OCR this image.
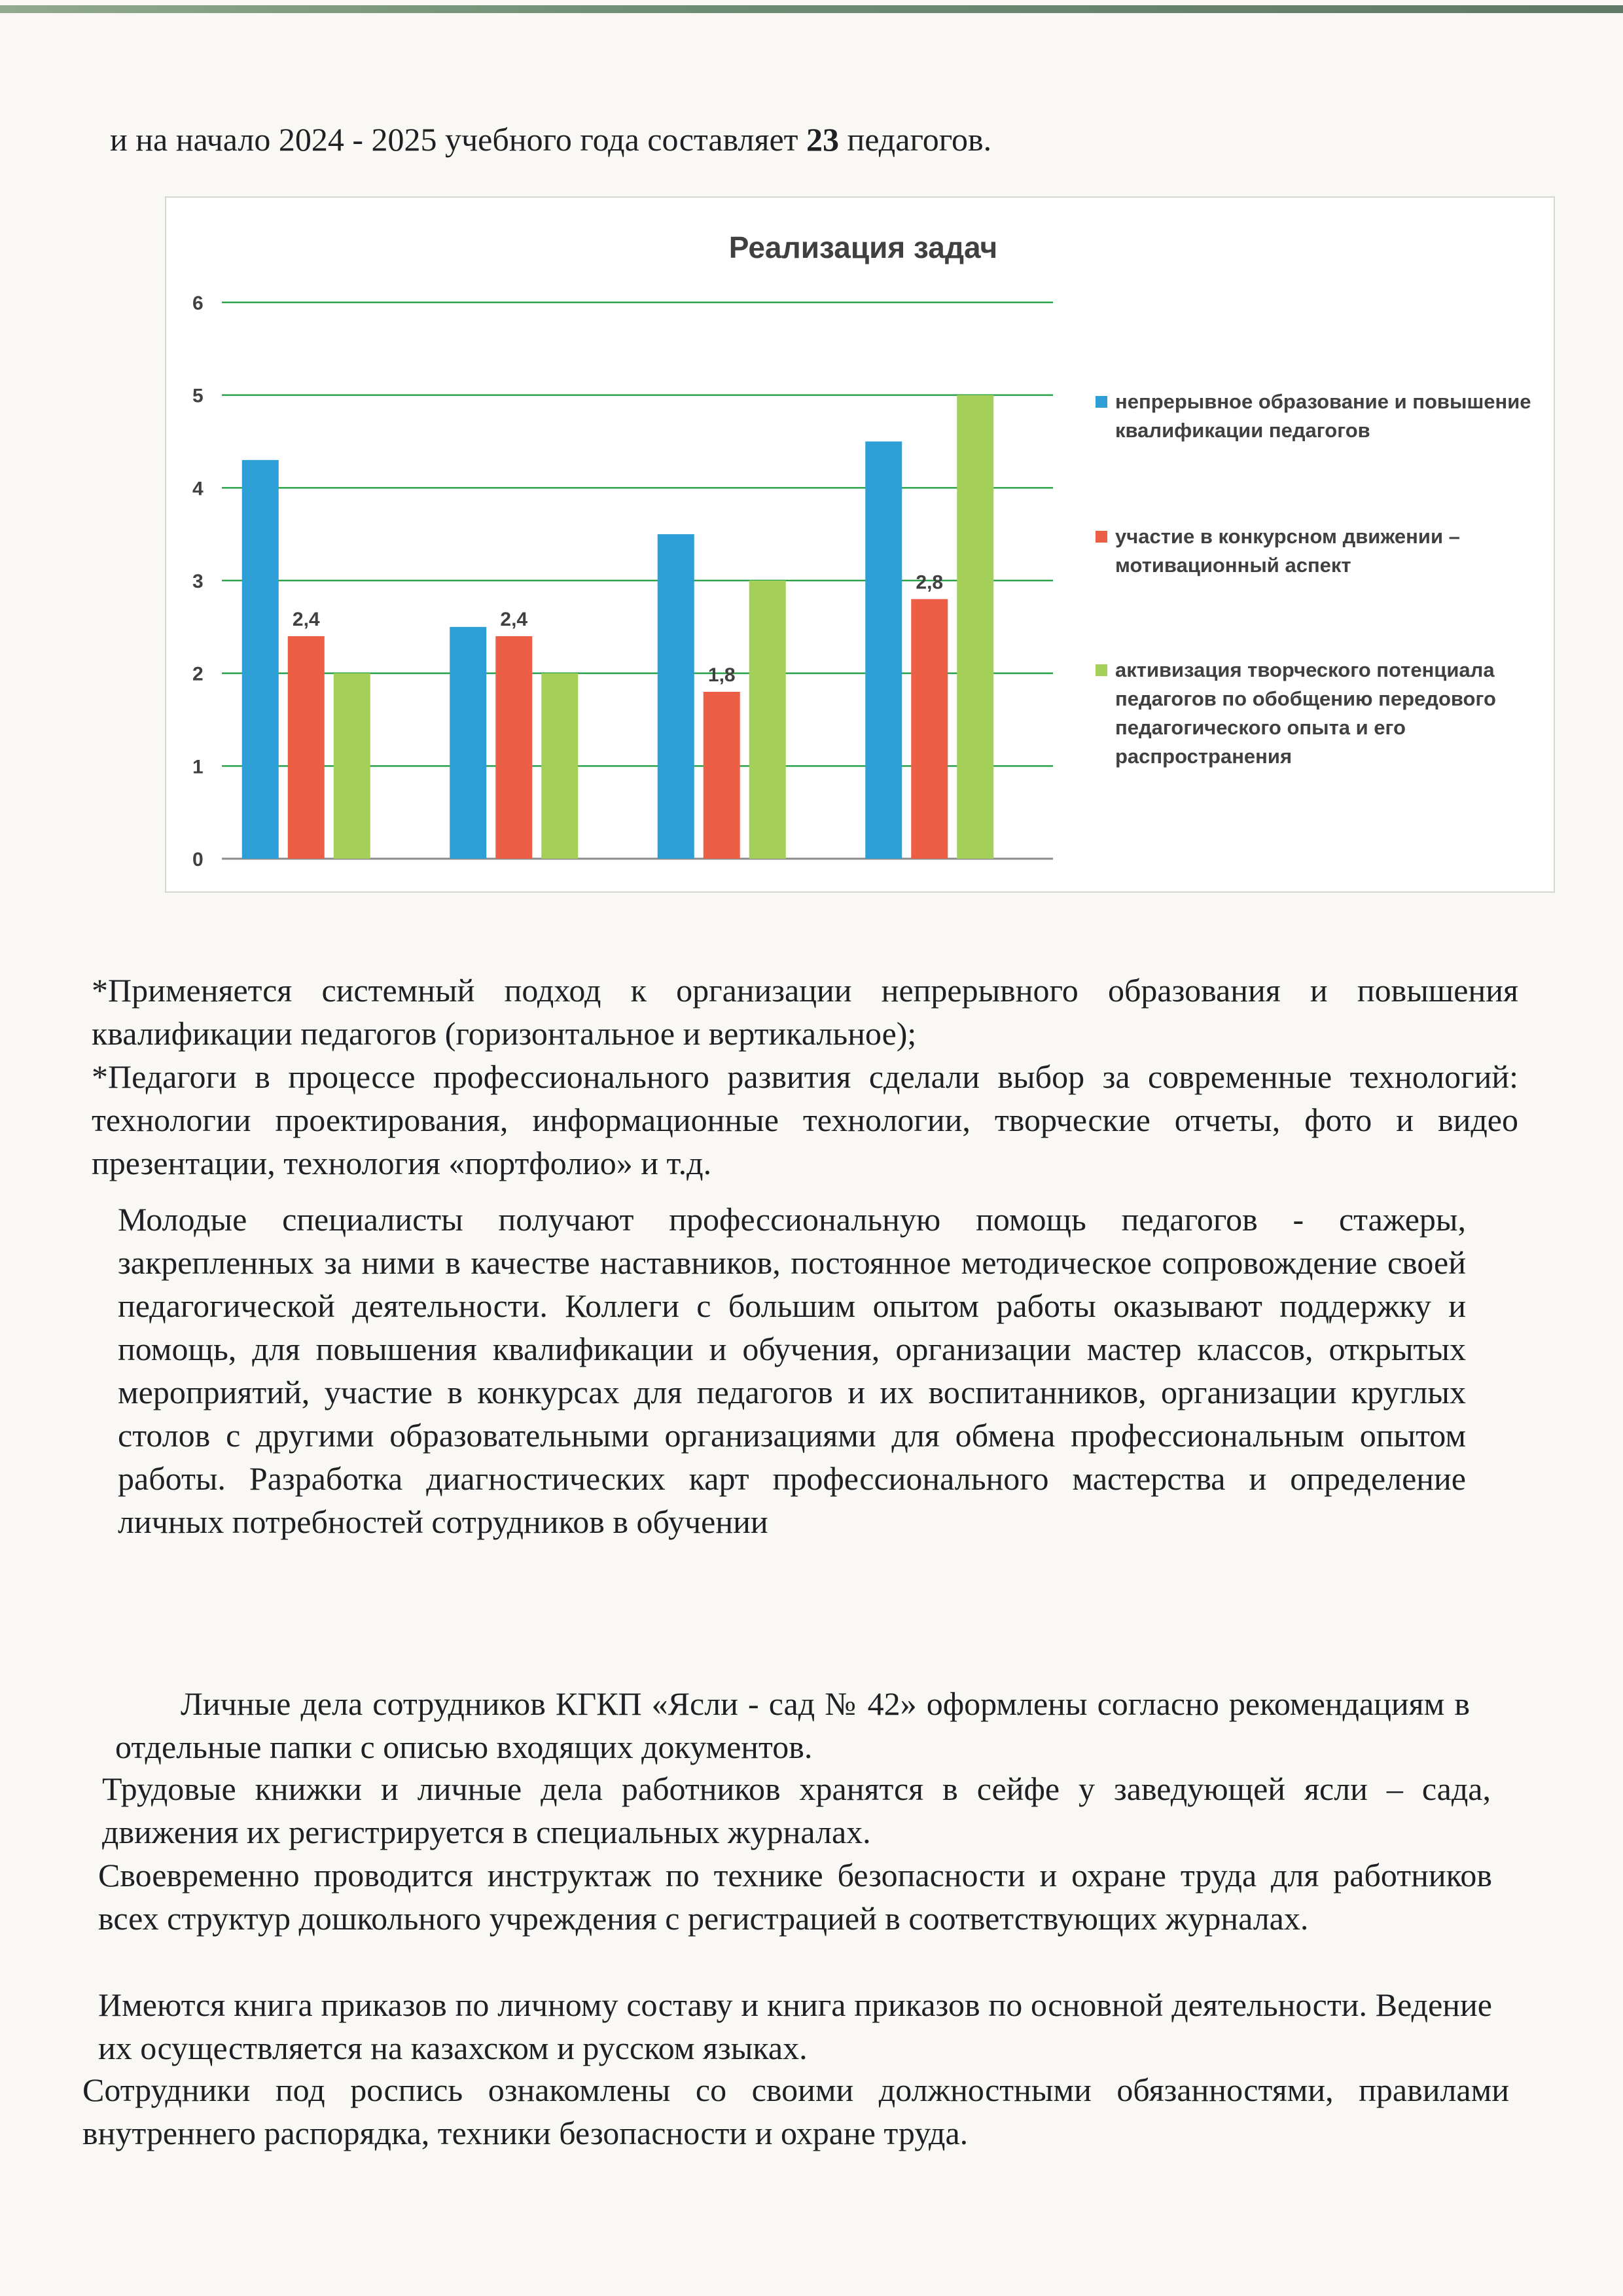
и на начало 2024 - 2025 учебного года составляет 23 педагогов.
Реализация задач
0
1
2
3
4
5
6
2,4	2,4
1,8
2,8
непрерывное образование и повышение квалификации педагогов
участие в конкурсном движении – мотивационный аспект
активизация творческого потенциала педагогов по обобщению передового педагогического опыта и его распространения
*Применяется системный подход к организации непрерывного образования и повышения квалификации педагогов (горизонтальное и вертикальное);
*Педагоги в процессе профессионального развития сделали выбор за современные технологий: технологии проектирования, информационные технологии, творческие отчеты, фото и видео презентации, технология «портфолио» и т.д.
Молодые специалисты получают профессиональную помощь педагогов - стажеры, закрепленных за ними в качестве наставников, постоянное методическое сопровождение своей педагогической деятельности. Коллеги с большим опытом работы оказывают поддержку и помощь, для повышения квалификации и обучения, организации мастер классов, открытых мероприятий, участие в конкурсах для педагогов и их воспитанников, организации круглых столов с другими образовательными организациями для обмена профессиональным опытом работы. Разработка диагностических карт профессионального мастерства и определение личных потребностей сотрудников в обучении
Личные дела сотрудников КГКП «Ясли - сад № 42» оформлены согласно рекомендациям в отдельные папки с описью входящих документов.
Трудовые книжки и личные дела работников хранятся в сейфе у заведующей ясли – сада, движения их регистрируется в специальных журналах.
Своевременно проводится инструктаж по технике безопасности и охране труда для работников всех структур дошкольного учреждения с регистрацией в соответствующих журналах.
Имеются книга приказов по личному составу и книга приказов по основной деятельности. Ведение их осуществляется на казахском и русском языках.
Сотрудники под роспись ознакомлены со своими должностными обязанностями, правилами внутреннего распорядка, техники безопасности и охране труда.
